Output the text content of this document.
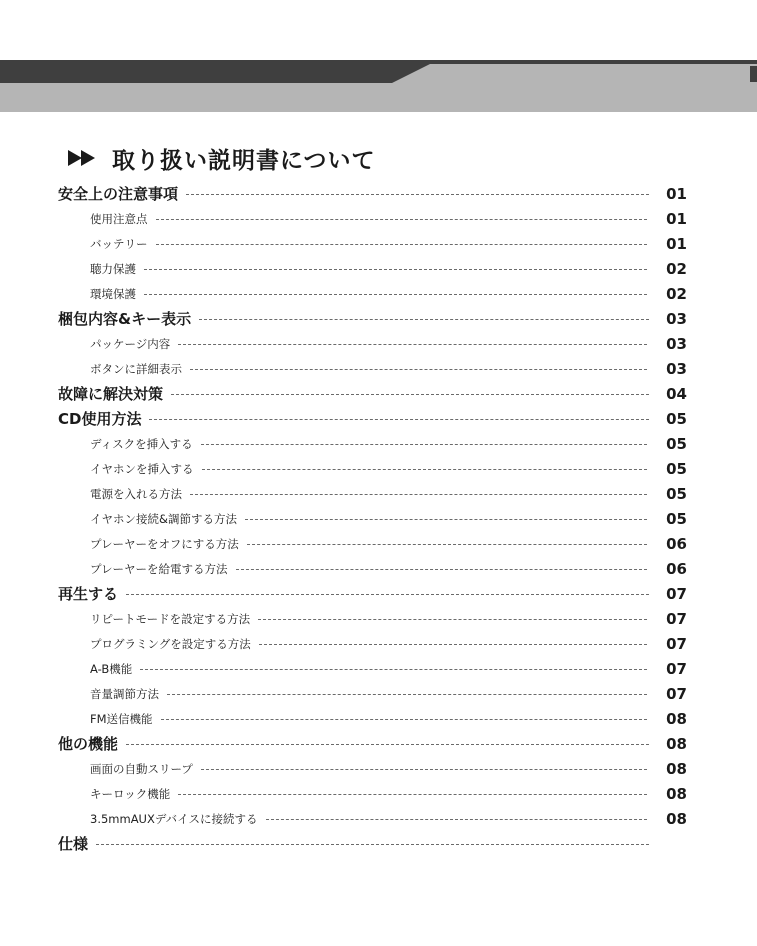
取り扱い説明書について
安全上の注意事項	01
使用注意点	01
バッテリー	01
聴力保護	02
環境保護	02
梱包内容&キー表示	03
パッケージ内容	03
ボタンに詳細表示	03
故障に解決対策	04
CD使用方法	05
ディスクを挿入する	05
イヤホンを挿入する	05
電源を入れる方法	05
イヤホン接続&調節する方法	05
プレーヤーをオフにする方法	06
プレーヤーを給電する方法	06
再生する	07
リピートモードを設定する方法	07
プログラミングを設定する方法	07
A-B機能	07
音量調節方法	07
FM送信機能	08
他の機能	08
画面の自動スリープ	08
キーロック機能	08
3.5mmAUXデバイスに接続する	08
仕様
